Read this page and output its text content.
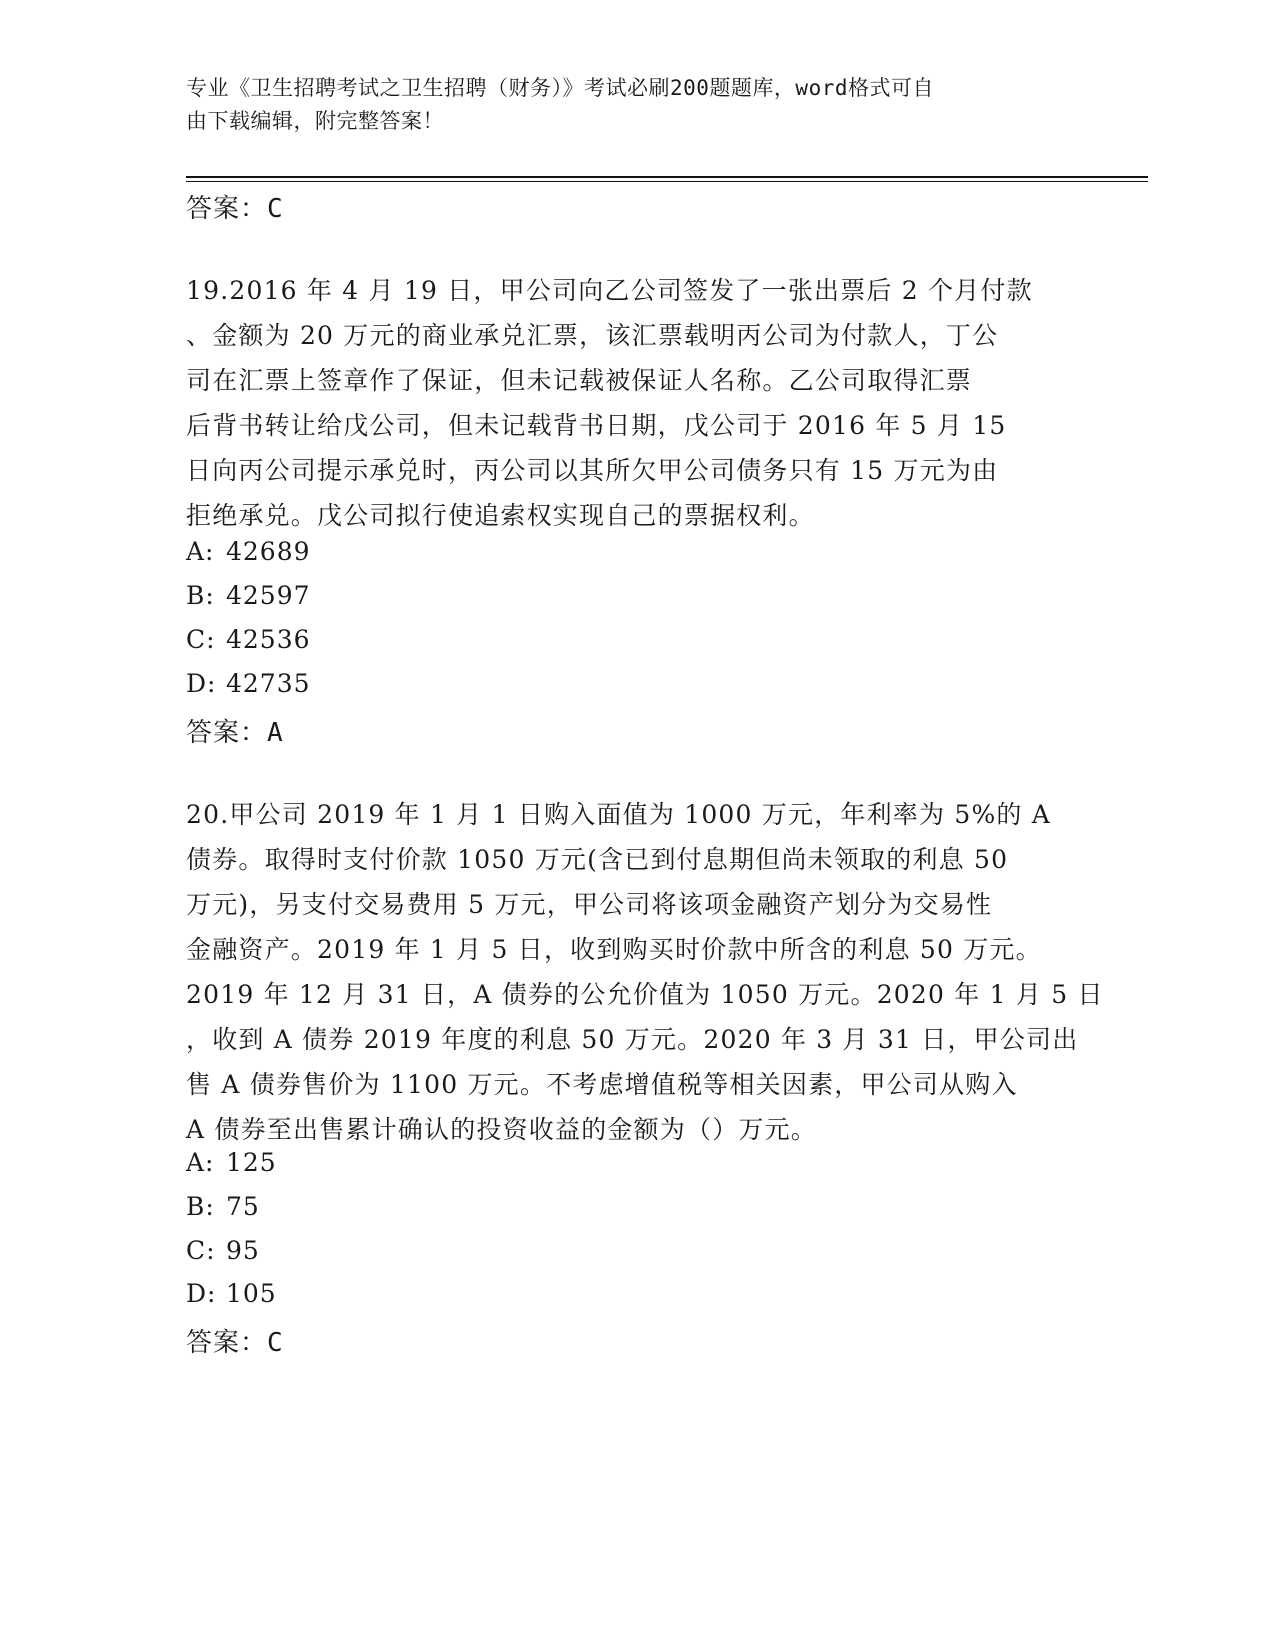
专业《卫生招聘考试之卫生招聘（财务）》考试必刷200题题库，word格式可自
由下载编辑，附完整答案！
答案：C
19.2016 年 4 月 19 日，甲公司向乙公司签发了一张出票后 2 个月付款
、金额为 20 万元的商业承兑汇票，该汇票载明丙公司为付款人，丁公
司在汇票上签章作了保证，但未记载被保证人名称。乙公司取得汇票
后背书转让给戊公司，但未记载背书日期，戊公司于 2016 年 5 月 15
日向丙公司提示承兑时，丙公司以其所欠甲公司债务只有 15 万元为由
拒绝承兑。戊公司拟行使追索权实现自己的票据权利。
A: 42689
B: 42597
C: 42536
D: 42735
答案：A
20.甲公司 2019 年 1 月 1 日购入面值为 1000 万元，年利率为 5%的 A
债券。取得时支付价款 1050 万元(含已到付息期但尚未领取的利息 50
万元)，另支付交易费用 5 万元，甲公司将该项金融资产划分为交易性
金融资产。2019 年 1 月 5 日，收到购买时价款中所含的利息 50 万元。
2019 年 12 月 31 日，A 债券的公允价值为 1050 万元。2020 年 1 月 5 日
，收到 A 债券 2019 年度的利息 50 万元。2020 年 3 月 31 日，甲公司出
售 A 债券售价为 1100 万元。不考虑增值税等相关因素，甲公司从购入
A 债券至出售累计确认的投资收益的金额为（）万元。
A: 125
B: 75
C: 95
D: 105
答案：C
